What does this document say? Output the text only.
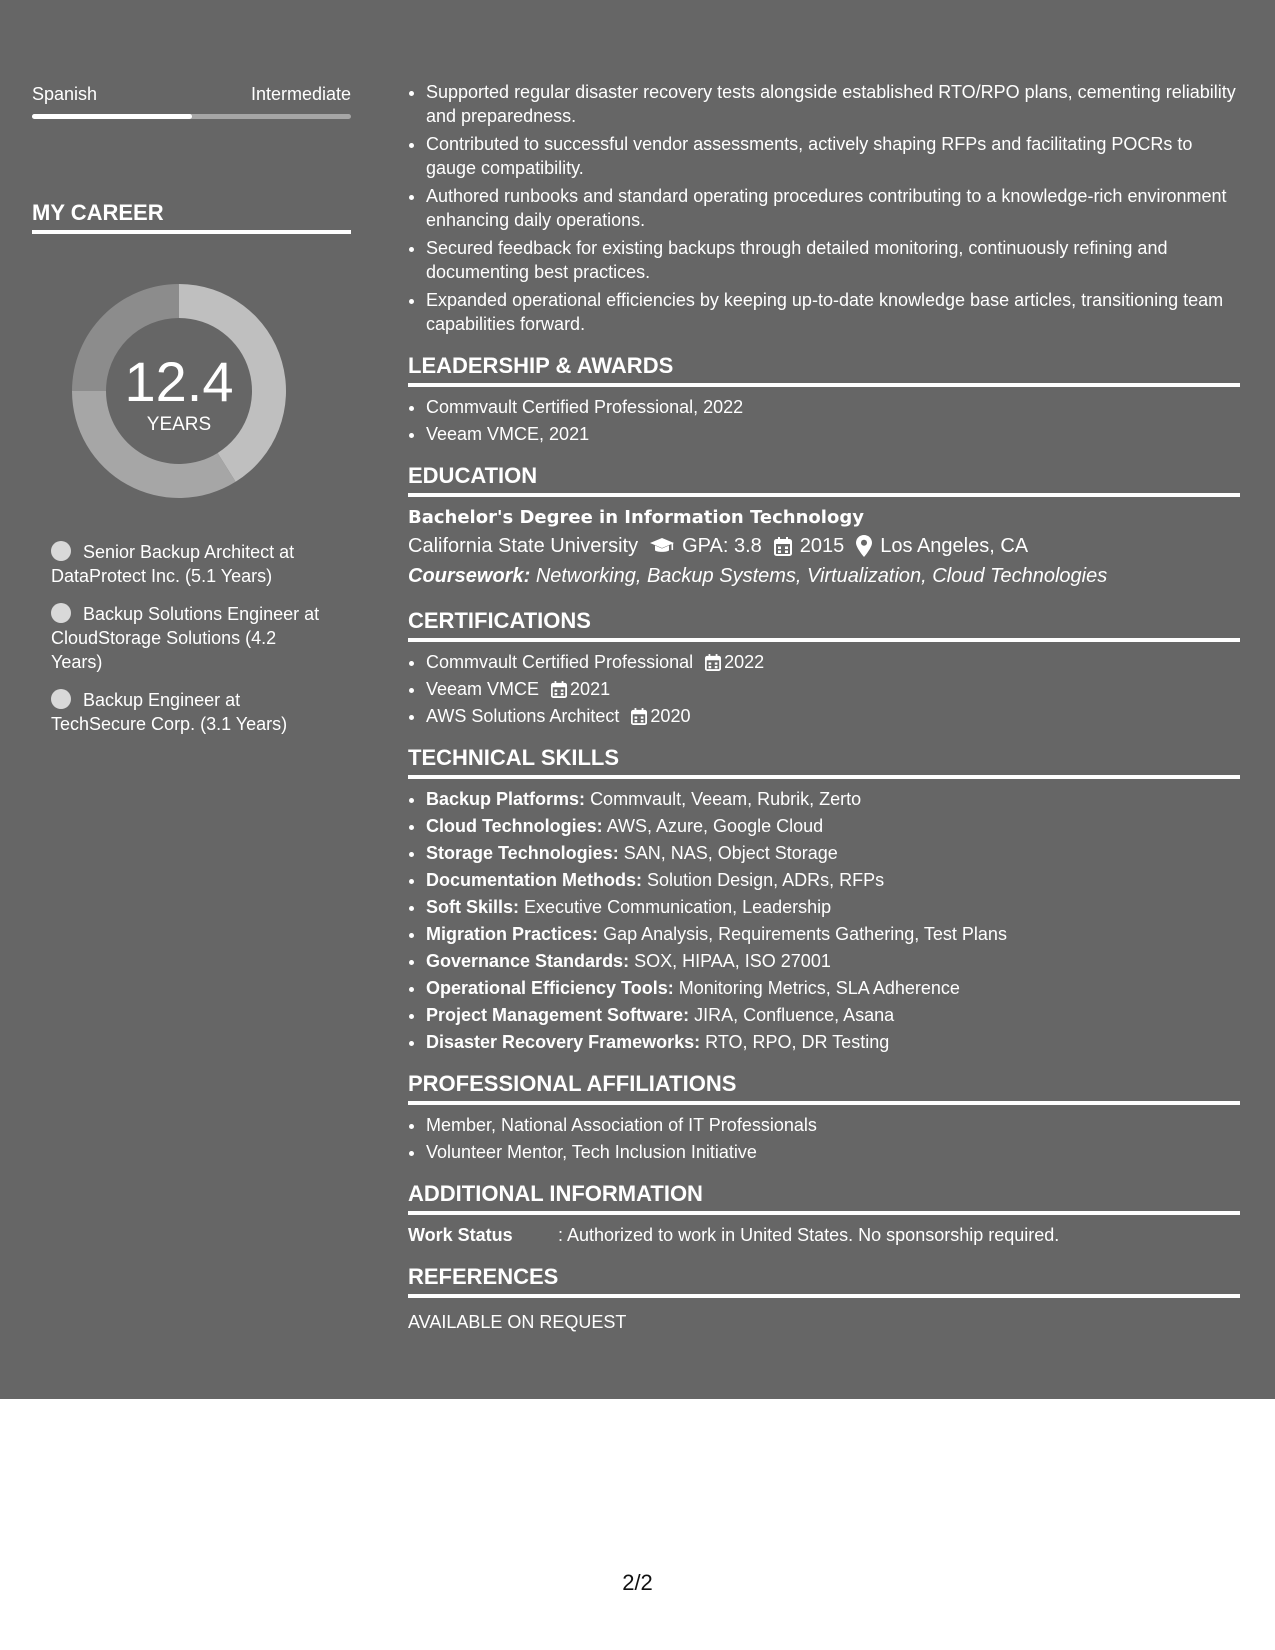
Spanish	Intermediate
MY CAREER
12.4
YEARS
Senior Backup Architect at DataProtect Inc. (5.1 Years)
Backup Solutions Engineer at CloudStorage Solutions (4.2 Years)
Backup Engineer at TechSecure Corp. (3.1 Years)
• Supported regular disaster recovery tests alongside established RTO/RPO plans, cementing reliability and preparedness.
• Contributed to successful vendor assessments, actively shaping RFPs and facilitating POCRs to gauge compatibility.
• Authored runbooks and standard operating procedures contributing to a knowledge-rich environment enhancing daily operations.
• Secured feedback for existing backups through detailed monitoring, continuously refining and documenting best practices.
• Expanded operational efficiencies by keeping up-to-date knowledge base articles, transitioning team capabilities forward.
LEADERSHIP & AWARDS
• Commvault Certified Professional, 2022
• Veeam VMCE, 2021
EDUCATION
Bachelor's Degree in Information Technology
California State University GPA: 3.8 2015 Los Angeles, CA
Coursework: Networking, Backup Systems, Virtualization, Cloud Technologies
CERTIFICATIONS
• Commvault Certified Professional 2022
• Veeam VMCE 2021
• AWS Solutions Architect 2020
TECHNICAL SKILLS
• Backup Platforms: Commvault, Veeam, Rubrik, Zerto
• Cloud Technologies: AWS, Azure, Google Cloud
• Storage Technologies: SAN, NAS, Object Storage
• Documentation Methods: Solution Design, ADRs, RFPs
• Soft Skills: Executive Communication, Leadership
• Migration Practices: Gap Analysis, Requirements Gathering, Test Plans
• Governance Standards: SOX, HIPAA, ISO 27001
• Operational Efficiency Tools: Monitoring Metrics, SLA Adherence
• Project Management Software: JIRA, Confluence, Asana
• Disaster Recovery Frameworks: RTO, RPO, DR Testing
PROFESSIONAL AFFILIATIONS
• Member, National Association of IT Professionals
• Volunteer Mentor, Tech Inclusion Initiative
ADDITIONAL INFORMATION
Work Status	: Authorized to work in United States. No sponsorship required.
REFERENCES
AVAILABLE ON REQUEST
2/2
